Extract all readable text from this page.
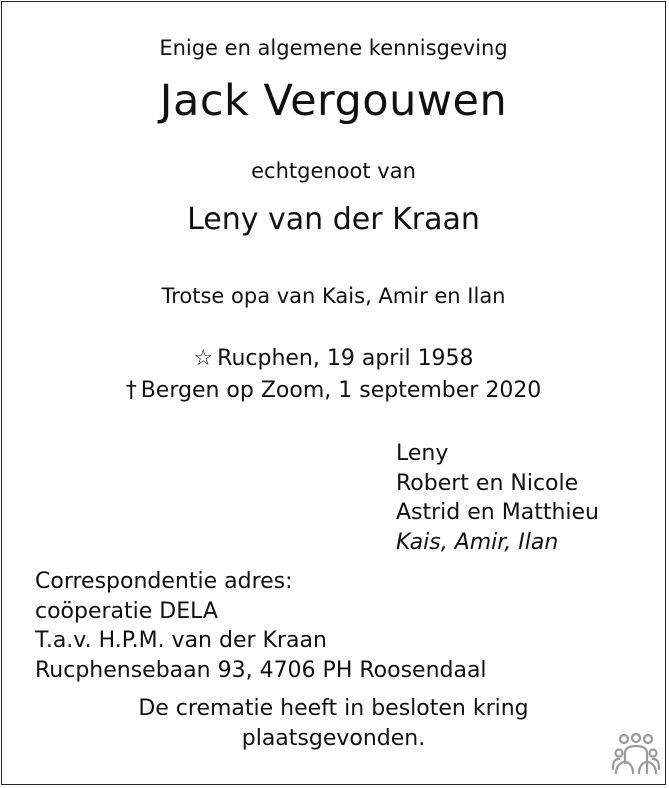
Enige en algemene kennisgeving
Jack Vergouwen
echtgenoot van
Leny van der Kraan
Trotse opa van Kais, Amir en Ilan
☆ Rucphen, 19 april 1958
† Bergen op Zoom, 1 september 2020
Leny
Robert en Nicole
Astrid en Matthieu
Kais, Amir, Ilan
Correspondentie adres:
coöperatie DELA
T.a.v. H.P.M. van der Kraan
Rucphensebaan 93, 4706 PH Roosendaal
De crematie heeft in besloten kring
plaatsgevonden.
